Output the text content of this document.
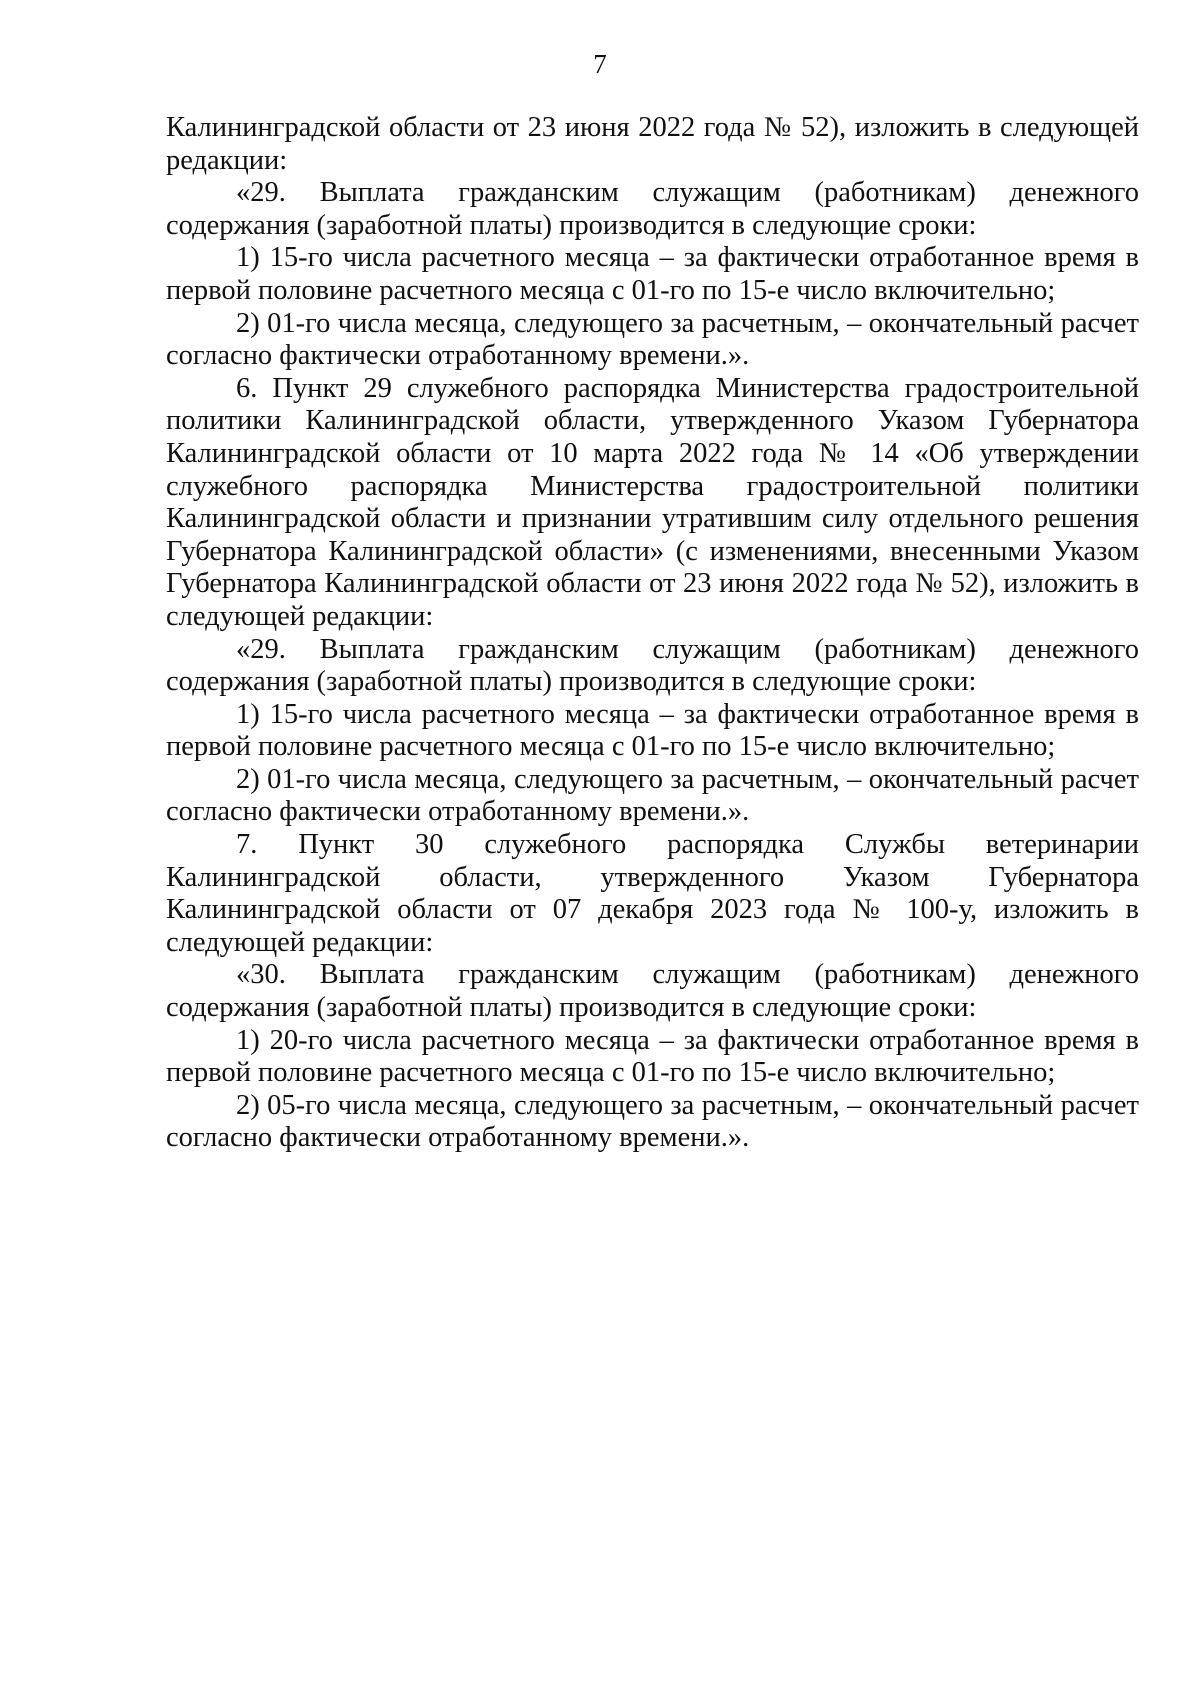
7

Калининградской области от 23 июня 2022 года № 52), изложить в следующей редакции:

«29. Выплата гражданским служащим (работникам) денежного содержания (заработной платы) производится в следующие сроки:

1) 15-го числа расчетного месяца – за фактически отработанное время в первой половине расчетного месяца с 01-го по 15-е число включительно;

2) 01-го числа месяца, следующего за расчетным, – окончательный расчет согласно фактически отработанному времени.».

6. Пункт 29 служебного распорядка Министерства градостроительной политики Калининградской области, утвержденного Указом Губернатора Калининградской области от 10 марта 2022 года № 14 «Об утверждении служебного распорядка Министерства градостроительной политики Калининградской области и признании утратившим силу отдельного решения Губернатора Калининградской области» (с изменениями, внесенными Указом Губернатора Калининградской области от 23 июня 2022 года № 52), изложить в следующей редакции:

«29. Выплата гражданским служащим (работникам) денежного содержания (заработной платы) производится в следующие сроки:

1) 15-го числа расчетного месяца – за фактически отработанное время в первой половине расчетного месяца с 01-го по 15-е число включительно;

2) 01-го числа месяца, следующего за расчетным, – окончательный расчет согласно фактически отработанному времени.».

7. Пункт 30 служебного распорядка Службы ветеринарии Калининградской области, утвержденного Указом Губернатора Калининградской области от 07 декабря 2023 года № 100-у, изложить в следующей редакции:

«30. Выплата гражданским служащим (работникам) денежного содержания (заработной платы) производится в следующие сроки:

1) 20-го числа расчетного месяца – за фактически отработанное время в первой половине расчетного месяца с 01-го по 15-е число включительно;

2) 05-го числа месяца, следующего за расчетным, – окончательный расчет согласно фактически отработанному времени.».
